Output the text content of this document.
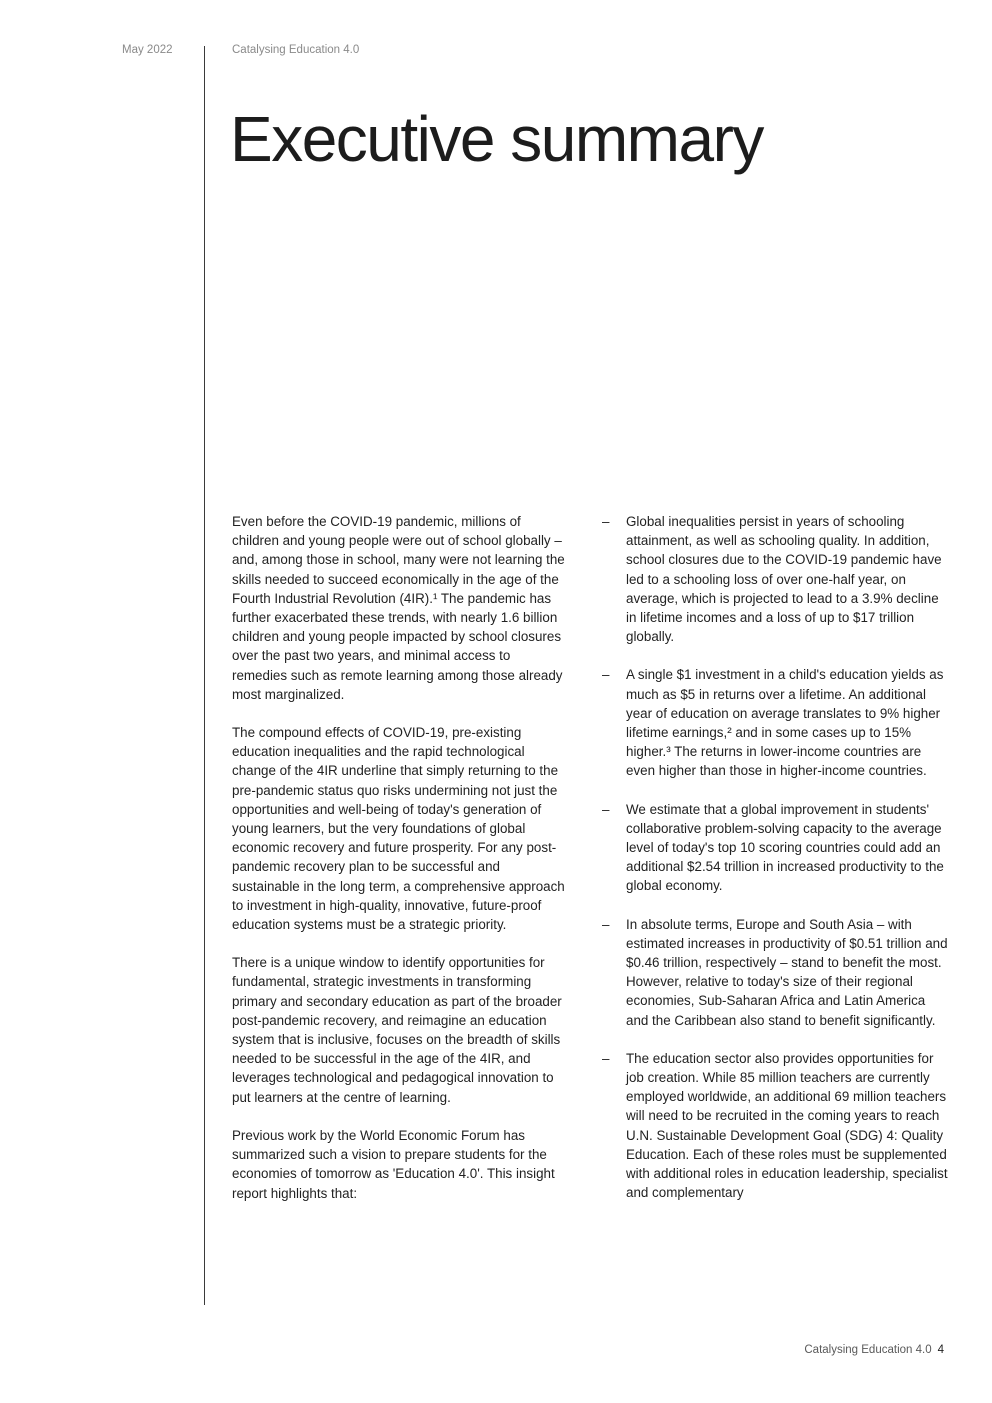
May 2022	Catalysing Education 4.0
Executive summary

Even before the COVID-19 pandemic, millions of children and young people were out of school globally – and, among those in school, many were not learning the skills needed to succeed economically in the age of the Fourth Industrial Revolution (4IR).¹ The pandemic has further exacerbated these trends, with nearly 1.6 billion children and young people impacted by school closures over the past two years, and minimal access to remedies such as remote learning among those already most marginalized.

The compound effects of COVID-19, pre-existing education inequalities and the rapid technological change of the 4IR underline that simply returning to the pre-pandemic status quo risks undermining not just the opportunities and well-being of today's generation of young learners, but the very foundations of global economic recovery and future prosperity. For any post-pandemic recovery plan to be successful and sustainable in the long term, a comprehensive approach to investment in high-quality, innovative, future-proof education systems must be a strategic priority.

There is a unique window to identify opportunities for fundamental, strategic investments in transforming primary and secondary education as part of the broader post-pandemic recovery, and reimagine an education system that is inclusive, focuses on the breadth of skills needed to be successful in the age of the 4IR, and leverages technological and pedagogical innovation to put learners at the centre of learning.

Previous work by the World Economic Forum has summarized such a vision to prepare students for the economies of tomorrow as 'Education 4.0'. This insight report highlights that:

– Global inequalities persist in years of schooling attainment, as well as schooling quality. In addition, school closures due to the COVID-19 pandemic have led to a schooling loss of over one-half year, on average, which is projected to lead to a 3.9% decline in lifetime incomes and a loss of up to $17 trillion globally.
– A single $1 investment in a child's education yields as much as $5 in returns over a lifetime. An additional year of education on average translates to 9% higher lifetime earnings,² and in some cases up to 15% higher.³ The returns in lower-income countries are even higher than those in higher-income countries.
– We estimate that a global improvement in students' collaborative problem-solving capacity to the average level of today's top 10 scoring countries could add an additional $2.54 trillion in increased productivity to the global economy.
– In absolute terms, Europe and South Asia – with estimated increases in productivity of $0.51 trillion and $0.46 trillion, respectively – stand to benefit the most. However, relative to today's size of their regional economies, Sub-Saharan Africa and Latin America and the Caribbean also stand to benefit significantly.
– The education sector also provides opportunities for job creation. While 85 million teachers are currently employed worldwide, an additional 69 million teachers will need to be recruited in the coming years to reach U.N. Sustainable Development Goal (SDG) 4: Quality Education. Each of these roles must be supplemented with additional roles in education leadership, specialist and complementary
Catalysing Education 4.0 4
